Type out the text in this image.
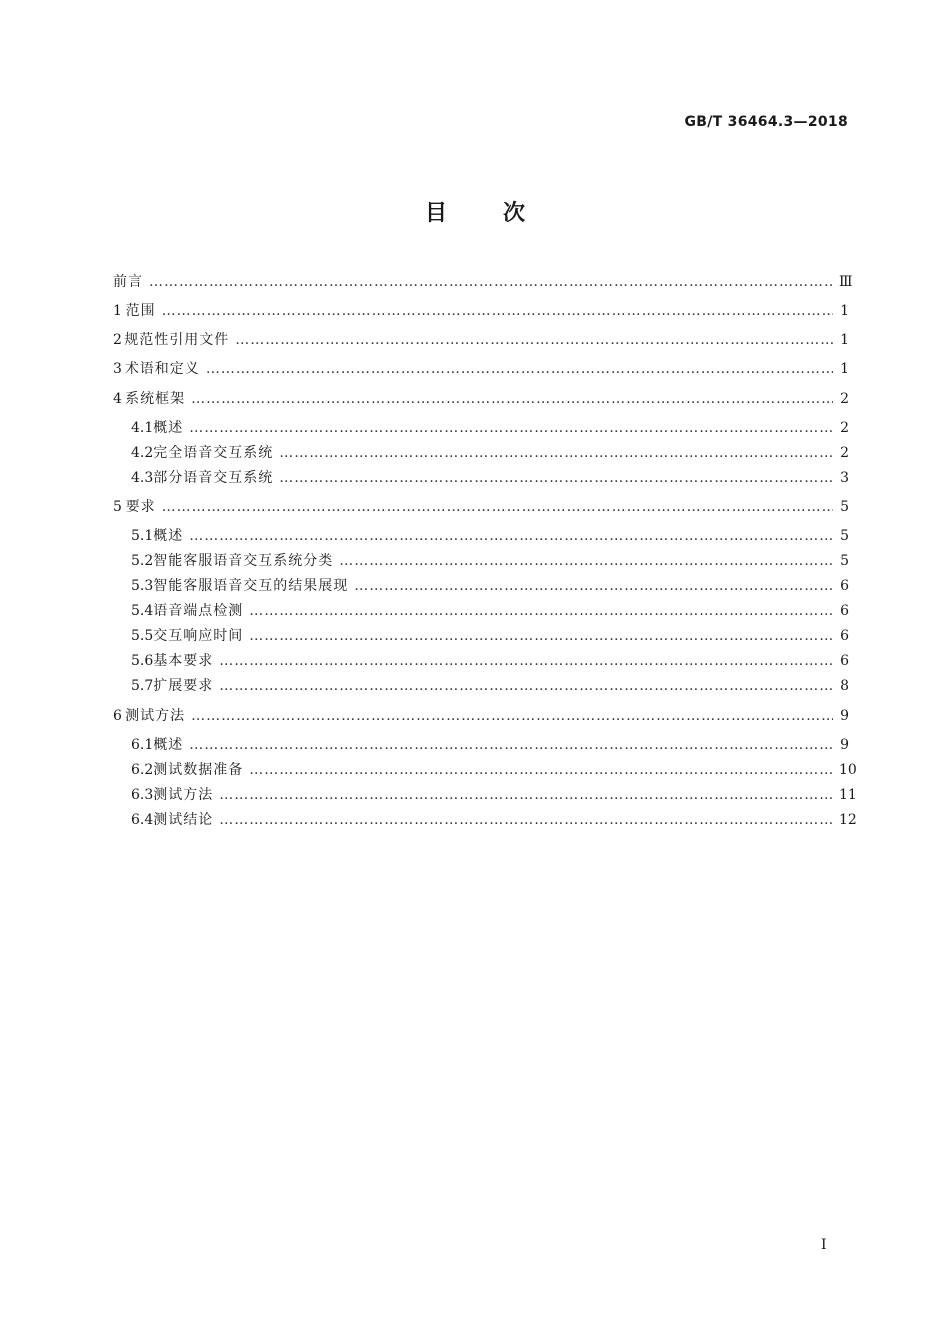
GB/T 36464.3—2018
目	次
前言 ……………………………………………………………………………………………………………………………………………………………………………………………………………………………………………………	Ⅲ
1 范围 ……………………………………………………………………………………………………………………………………………………………………………………………………………………………………………………	1
2 规范性引用文件 ……………………………………………………………………………………………………………………………………………………………………………………………………………………………………………………	1
3 术语和定义 ……………………………………………………………………………………………………………………………………………………………………………………………………………………………………………………	1
4 系统框架 ……………………………………………………………………………………………………………………………………………………………………………………………………………………………………………………	2
4.1 概述 ……………………………………………………………………………………………………………………………………………………………………………………………………………………………………………………	2
4.2 完全语音交互系统 ……………………………………………………………………………………………………………………………………………………………………………………………………………………………………………………	2
4.3 部分语音交互系统 ……………………………………………………………………………………………………………………………………………………………………………………………………………………………………………………	3
5 要求 ……………………………………………………………………………………………………………………………………………………………………………………………………………………………………………………	5
5.1 概述 ……………………………………………………………………………………………………………………………………………………………………………………………………………………………………………………	5
5.2 智能客服语音交互系统分类 ……………………………………………………………………………………………………………………………………………………………………………………………………………………………………………………	5
5.3 智能客服语音交互的结果展现 ……………………………………………………………………………………………………………………………………………………………………………………………………………………………………………………	6
5.4 语音端点检测 ……………………………………………………………………………………………………………………………………………………………………………………………………………………………………………………	6
5.5 交互响应时间 ……………………………………………………………………………………………………………………………………………………………………………………………………………………………………………………	6
5.6 基本要求 ……………………………………………………………………………………………………………………………………………………………………………………………………………………………………………………	6
5.7 扩展要求 ……………………………………………………………………………………………………………………………………………………………………………………………………………………………………………………	8
6 测试方法 ……………………………………………………………………………………………………………………………………………………………………………………………………………………………………………………	9
6.1 概述 ……………………………………………………………………………………………………………………………………………………………………………………………………………………………………………………	9
6.2 测试数据准备 ……………………………………………………………………………………………………………………………………………………………………………………………………………………………………………………	10
6.3 测试方法 ……………………………………………………………………………………………………………………………………………………………………………………………………………………………………………………	11
6.4 测试结论 ……………………………………………………………………………………………………………………………………………………………………………………………………………………………………………………	12
I
